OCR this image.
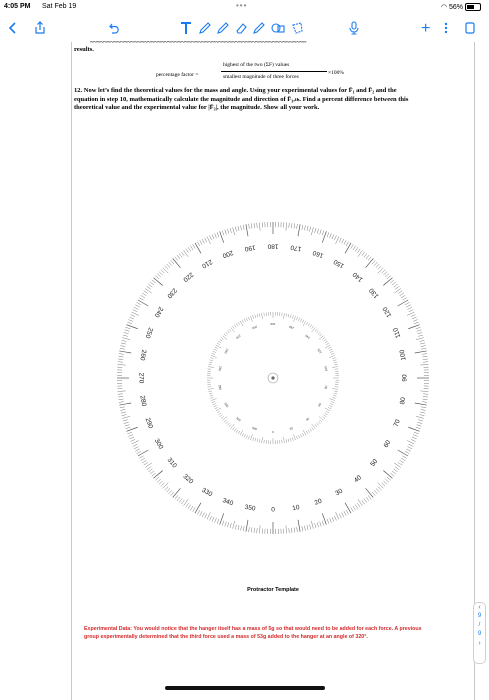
4:05 PM Sat Feb 19	•••	◠ 56%
+
~~~~~~~~~~~~~~~~~~~~~~~~~~~~~~~~~~~~~~~~~~~~~~~~~~~~~~~~~~~~~~~~
results.
percentage factor =
highest of the two (ΣF) values
smallest magnitude of three forces
×100%

12. Now let’s find the theoretical values for the mass and angle. Using your experimental values for F̄₁ and F̄₂ and the equation in step 10, mathematically calculate the magnitude and direction of F̄₃,ₜₕ. Find a percent difference between this theoretical value and the experimental value for |F̄₃|, the magnitude. Show all your work.

0	10
20
30
40
50
60
70
80
90
100
110
120
130
140
150
160
170
180
190
200
210
220
230
240
250
260
270
280
290
300
310
320
330
340
350
0
20
40
60
80
100
120
140
160
180
200
220
240
260
280
300
320
340
Protractor Template
Experimental Data: You would notice that the hanger itself has a mass of 5g so that would need to be added for each force. A previous group experimentally determined that the third force used a mass of 53g added to the hanger at an angle of 320°.
‹
9
/
9
›
